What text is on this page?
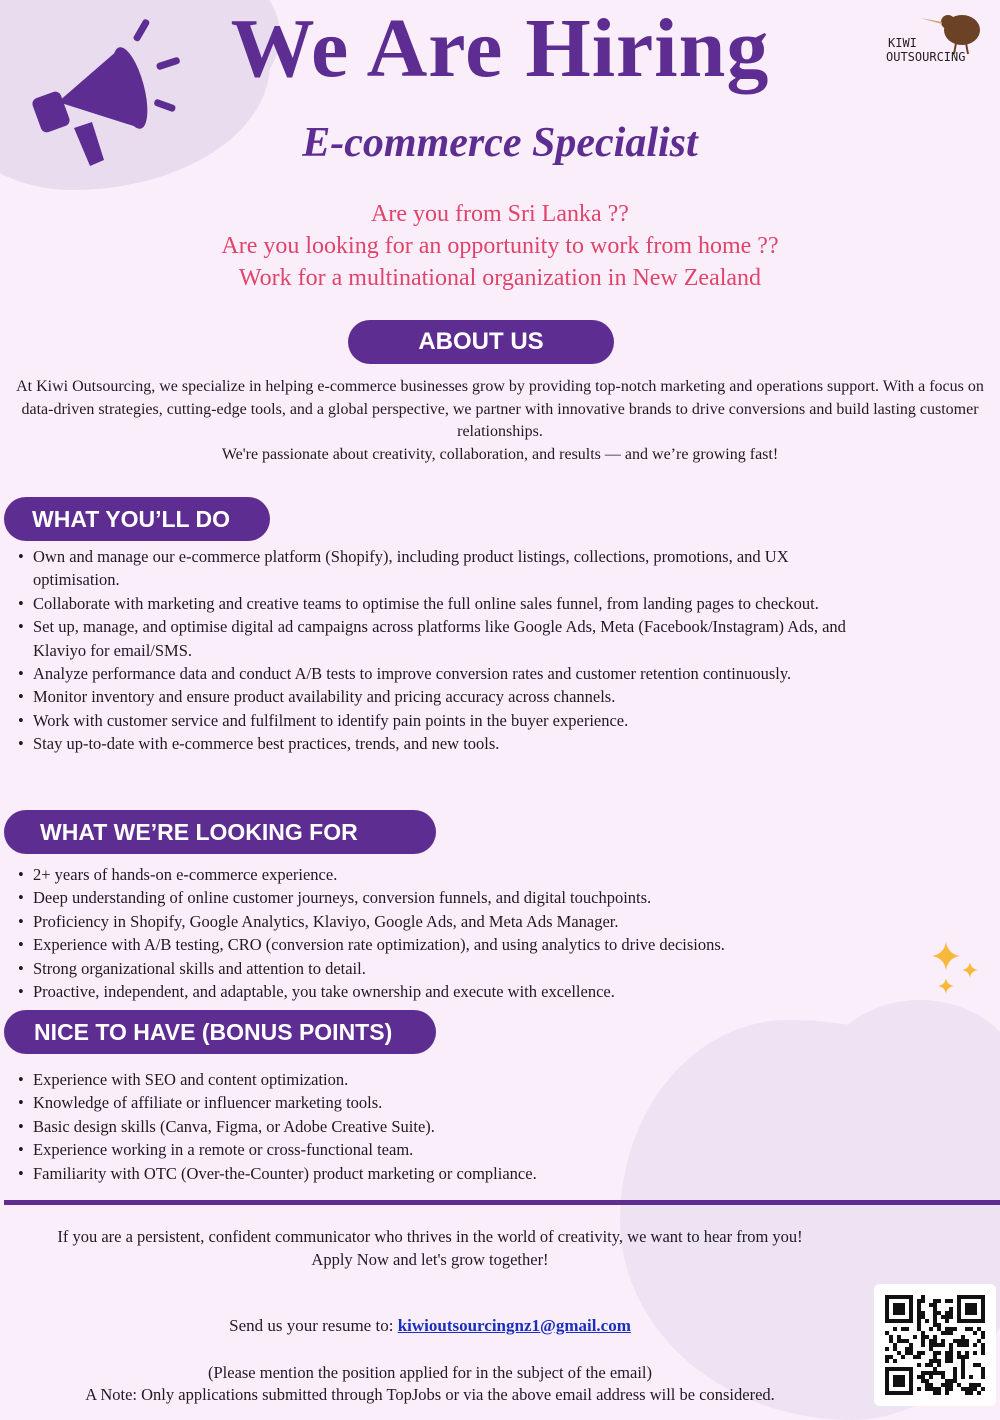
We Are Hiring
E-commerce Specialist
KIWI
OUTSOURCING
Are you from Sri Lanka ??
Are you looking for an opportunity to work from home ??
Work for a multinational organization in New Zealand
ABOUT US
At Kiwi Outsourcing, we specialize in helping e-commerce businesses grow by providing top-notch marketing and operations support. With a focus on data-driven strategies, cutting-edge tools, and a global perspective, we partner with innovative brands to drive conversions and build lasting customer relationships.
We're passionate about creativity, collaboration, and results — and we’re growing fast!
WHAT YOU’LL DO
• Own and manage our e-commerce platform (Shopify), including product listings, collections, promotions, and UX optimisation.
• Collaborate with marketing and creative teams to optimise the full online sales funnel, from landing pages to checkout.
• Set up, manage, and optimise digital ad campaigns across platforms like Google Ads, Meta (Facebook/Instagram) Ads, and Klaviyo for email/SMS.
• Analyze performance data and conduct A/B tests to improve conversion rates and customer retention continuously.
• Monitor inventory and ensure product availability and pricing accuracy across channels.
• Work with customer service and fulfilment to identify pain points in the buyer experience.
• Stay up-to-date with e-commerce best practices, trends, and new tools.
WHAT WE’RE LOOKING FOR
• 2+ years of hands-on e-commerce experience.
• Deep understanding of online customer journeys, conversion funnels, and digital touchpoints.
• Proficiency in Shopify, Google Analytics, Klaviyo, Google Ads, and Meta Ads Manager.
• Experience with A/B testing, CRO (conversion rate optimization), and using analytics to drive decisions.
• Strong organizational skills and attention to detail.
• Proactive, independent, and adaptable, you take ownership and execute with excellence.
NICE TO HAVE (BONUS POINTS)
• Experience with SEO and content optimization.
• Knowledge of affiliate or influencer marketing tools.
• Basic design skills (Canva, Figma, or Adobe Creative Suite).
• Experience working in a remote or cross-functional team.
• Familiarity with OTC (Over-the-Counter) product marketing or compliance.
If you are a persistent, confident communicator who thrives in the world of creativity, we want to hear from you!
Apply Now and let's grow together!
Send us your resume to: kiwioutsourcingnz1@gmail.com
(Please mention the position applied for in the subject of the email)
A Note: Only applications submitted through TopJobs or via the above email address will be considered.
